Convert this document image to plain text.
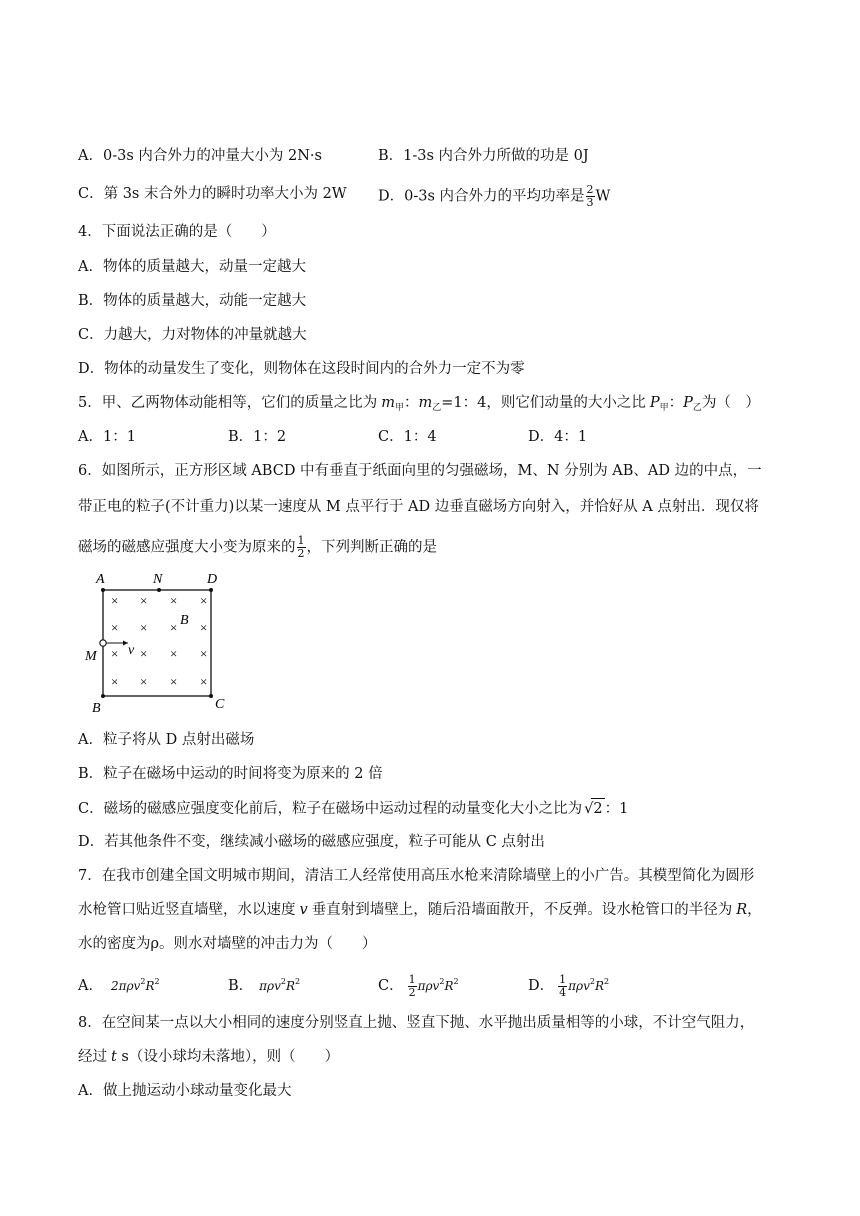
A．0-3s 内合外力的冲量大小为 2N·s	B．1-3s 内合外力所做的功是 0J
C．第 3s 末合外力的瞬时功率大小为 2W D．0-3s 内合外力的平均功率是 $\frac{2}{3}$ W
4．下面说法正确的是（　　）
A．物体的质量越大，动量一定越大
B．物体的质量越大，动能一定越大
C．力越大，力对物体的冲量就越大
D．物体的动量发生了变化，则物体在这段时间内的合外力一定不为零
5．甲、乙两物体动能相等，它们的质量之比为 $m_甲$：$m_乙=1$：4，则它们动量的大小之比 $P_甲$：$P_乙$为（　）
A．1：1	B．1：2	C．1：4	D．4：1
6．如图所示，正方形区域 ABCD 中有垂直于纸面向里的匀强磁场，M、N 分别为 AB、AD 边的中点，一
带正电的粒子(不计重力)以某一速度从 M 点平行于 AD 边垂直磁场方向射入，并恰好从 A 点射出．现仅将
磁场的磁感应强度大小变为原来的 $\frac{1}{2}$ ，下列判断正确的是
A	N	D
B
M v
B	C
× × × ×
× ×	×
× × × ×
× × × ×
×
A．粒子将从 D 点射出磁场
B．粒子在磁场中运动的时间将变为原来的 2 倍
C．磁场的磁感应强度变化前后，粒子在磁场中运动过程的动量变化大小之比为 √2 ：1
D．若其他条件不变，继续减小磁场的磁感应强度，粒子可能从 C 点射出
7．在我市创建全国文明城市期间，清洁工人经常使用高压水枪来清除墙壁上的小广告。其模型简化为圆形
水枪管口贴近竖直墙壁，水以速度 v 垂直射到墙壁上，随后沿墙面散开，不反弹。设水枪管口的半径为 R，
水的密度为ρ。则水对墙壁的冲击力为（　　）
A． $2\pi\rho v^2R^2$	B． $\pi\rho v^2R^2$	C． $\frac{1}{2} \pi\rho v^2R^2$	D． $\frac{1}{4} \pi\rho v^2R^2$
8．在空间某一点以大小相同的速度分别竖直上抛、竖直下抛、水平抛出质量相等的小球，不计空气阻力，
经过 t s（设小球均未落地），则（　　）
A．做上抛运动小球动量变化最大
